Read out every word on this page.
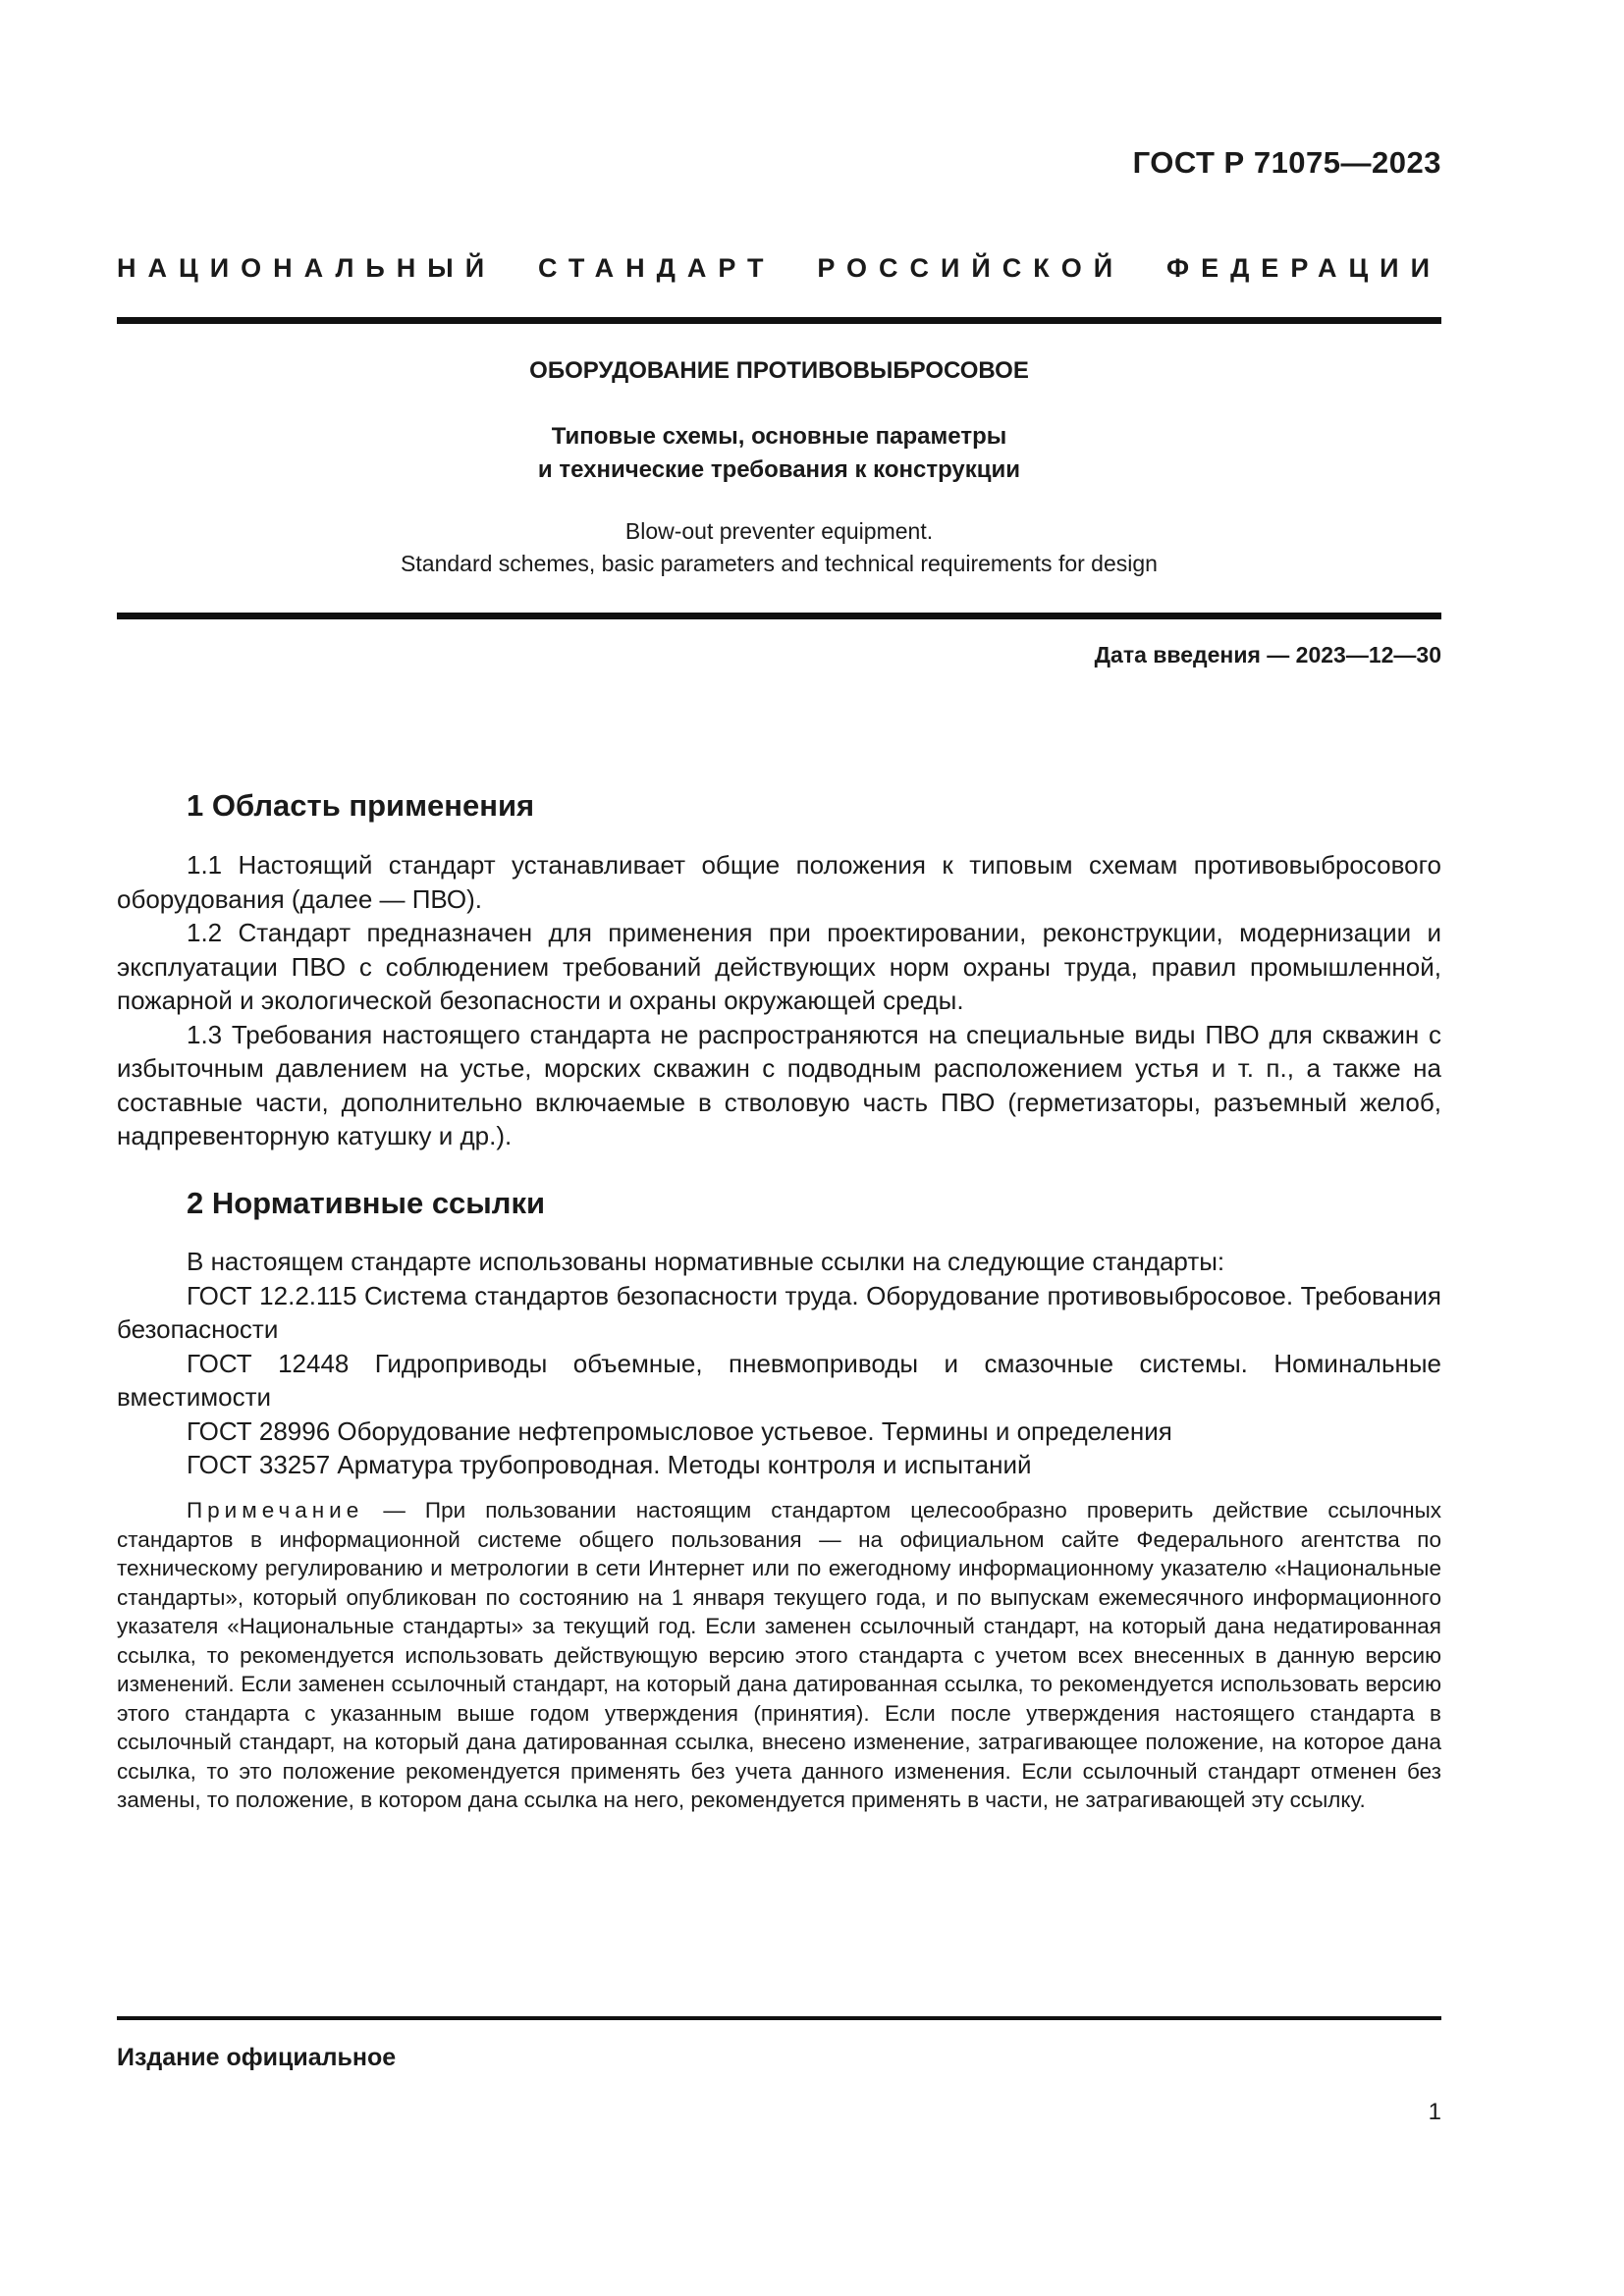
ГОСТ Р 71075—2023
НАЦИОНАЛЬНЫЙ СТАНДАРТ РОССИЙСКОЙ ФЕДЕРАЦИИ
ОБОРУДОВАНИЕ ПРОТИВОВЫБРОСОВОЕ
Типовые схемы, основные параметры
и технические требования к конструкции
Blow-out preventer equipment.
Standard schemes, basic parameters and technical requirements for design
Дата введения — 2023—12—30
1 Область применения

1.1 Настоящий стандарт устанавливает общие положения к типовым схемам противовыбросового оборудования (далее — ПВО).

1.2 Стандарт предназначен для применения при проектировании, реконструкции, модернизации и эксплуатации ПВО с соблюдением требований действующих норм охраны труда, правил промышленной, пожарной и экологической безопасности и охраны окружающей среды.

1.3 Требования настоящего стандарта не распространяются на специальные виды ПВО для скважин с избыточным давлением на устье, морских скважин с подводным расположением устья и т. п., а также на составные части, дополнительно включаемые в стволовую часть ПВО (герметизаторы, разъемный желоб, надпревенторную катушку и др.).

2 Нормативные ссылки

В настоящем стандарте использованы нормативные ссылки на следующие стандарты:

ГОСТ 12.2.115 Система стандартов безопасности труда. Оборудование противовыбросовое. Требования безопасности

ГОСТ 12448 Гидроприводы объемные, пневмоприводы и смазочные системы. Номинальные вместимости

ГОСТ 28996 Оборудование нефтепромысловое устьевое. Термины и определения

ГОСТ 33257 Арматура трубопроводная. Методы контроля и испытаний

Примечание — При пользовании настоящим стандартом целесообразно проверить действие ссылочных стандартов в информационной системе общего пользования — на официальном сайте Федерального агентства по техническому регулированию и метрологии в сети Интернет или по ежегодному информационному указателю «Национальные стандарты», который опубликован по состоянию на 1 января текущего года, и по выпускам ежемесячного информационного указателя «Национальные стандарты» за текущий год. Если заменен ссылочный стандарт, на который дана недатированная ссылка, то рекомендуется использовать действующую версию этого стандарта с учетом всех внесенных в данную версию изменений. Если заменен ссылочный стандарт, на который дана датированная ссылка, то рекомендуется использовать версию этого стандарта с указанным выше годом утверждения (принятия). Если после утверждения настоящего стандарта в ссылочный стандарт, на который дана датированная ссылка, внесено изменение, затрагивающее положение, на которое дана ссылка, то это положение рекомендуется применять без учета данного изменения. Если ссылочный стандарт отменен без замены, то положение, в котором дана ссылка на него, рекомендуется применять в части, не затрагивающей эту ссылку.
Издание официальное
1
